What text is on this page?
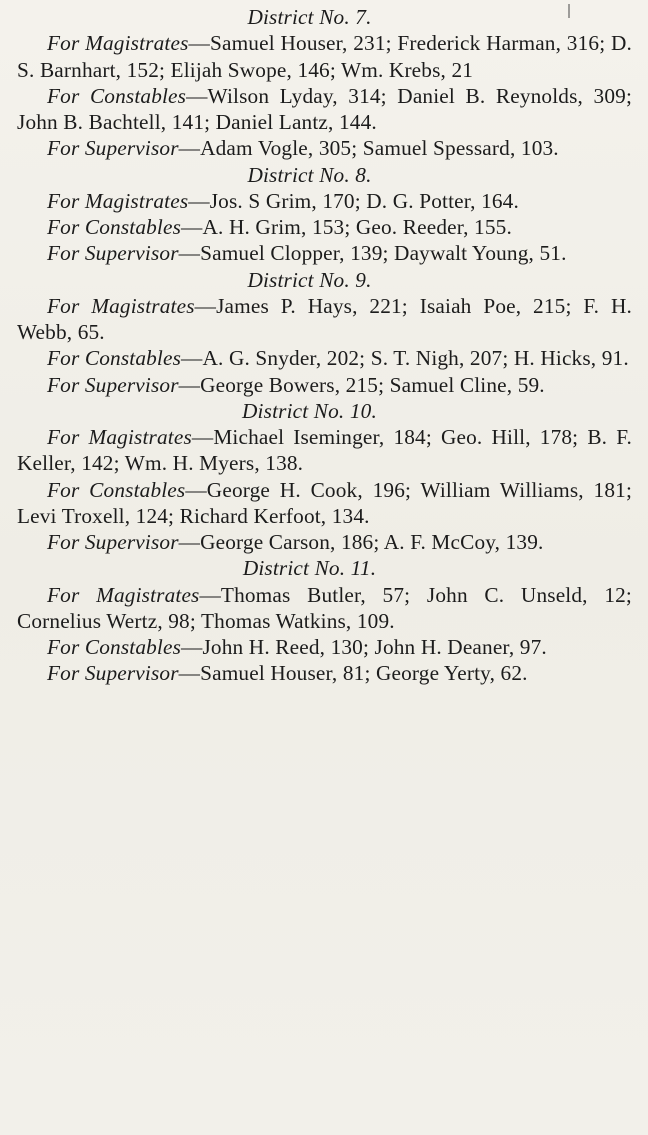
District No. 7.

For Magistrates—Samuel Houser, 231; Frederick Harman, 316; D. S. Barnhart, 152; Elijah Swope, 146; Wm. Krebs, 21

For Constables—Wilson Lyday, 314; Daniel B. Reynolds, 309; John B. Bachtell, 141; Daniel Lantz, 144.

For Supervisor—Adam Vogle, 305; Samuel Spessard, 103.

District No. 8.

For Magistrates—Jos. S Grim, 170; D. G. Potter, 164.

For Constables—A. H. Grim, 153; Geo. Reeder, 155.

For Supervisor—Samuel Clopper, 139; Daywalt Young, 51.

District No. 9.

For Magistrates—James P. Hays, 221; Isaiah Poe, 215; F. H. Webb, 65.

For Constables—A. G. Snyder, 202; S. T. Nigh, 207; H. Hicks, 91.

For Supervisor—George Bowers, 215; Samuel Cline, 59.

District No. 10.

For Magistrates—Michael Iseminger, 184; Geo. Hill, 178; B. F. Keller, 142; Wm. H. Myers, 138.

For Constables—George H. Cook, 196; William Williams, 181; Levi Troxell, 124; Richard Kerfoot, 134.

For Supervisor—George Carson, 186; A. F. McCoy, 139.

District No. 11.

For Magistrates—Thomas Butler, 57; John C. Unseld, 12; Cornelius Wertz, 98; Thomas Watkins, 109.

For Constables—John H. Reed, 130; John H. Deaner, 97.

For Supervisor—Samuel Houser, 81; George Yerty, 62.
